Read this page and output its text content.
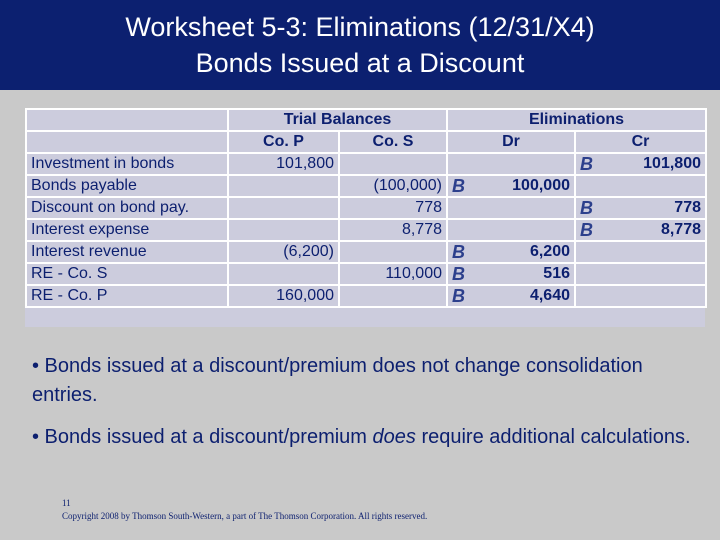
Worksheet 5-3: Eliminations (12/31/X4)
Bonds Issued at a Discount
	Trial Balances		Eliminations	
	Co. P	Co. S	Dr	Cr
Investment in bonds	101,800			B 101,800
Bonds payable		(100,000)	B 100,000	

Discount on bond pay.		778		B 778
Interest expense		8,778		B 8,778
Interest revenue	(6,200)		B 6,200	

RE - Co. S		110,000	B 516	

RE - Co. P	160,000		B 4,640	

• Bonds issued at a discount/premium does not change consolidation entries.

• Bonds issued at a discount/premium does require additional calculations.

11
Copyright 2008 by Thomson South-Western, a part of The Thomson Corporation. All rights reserved.
